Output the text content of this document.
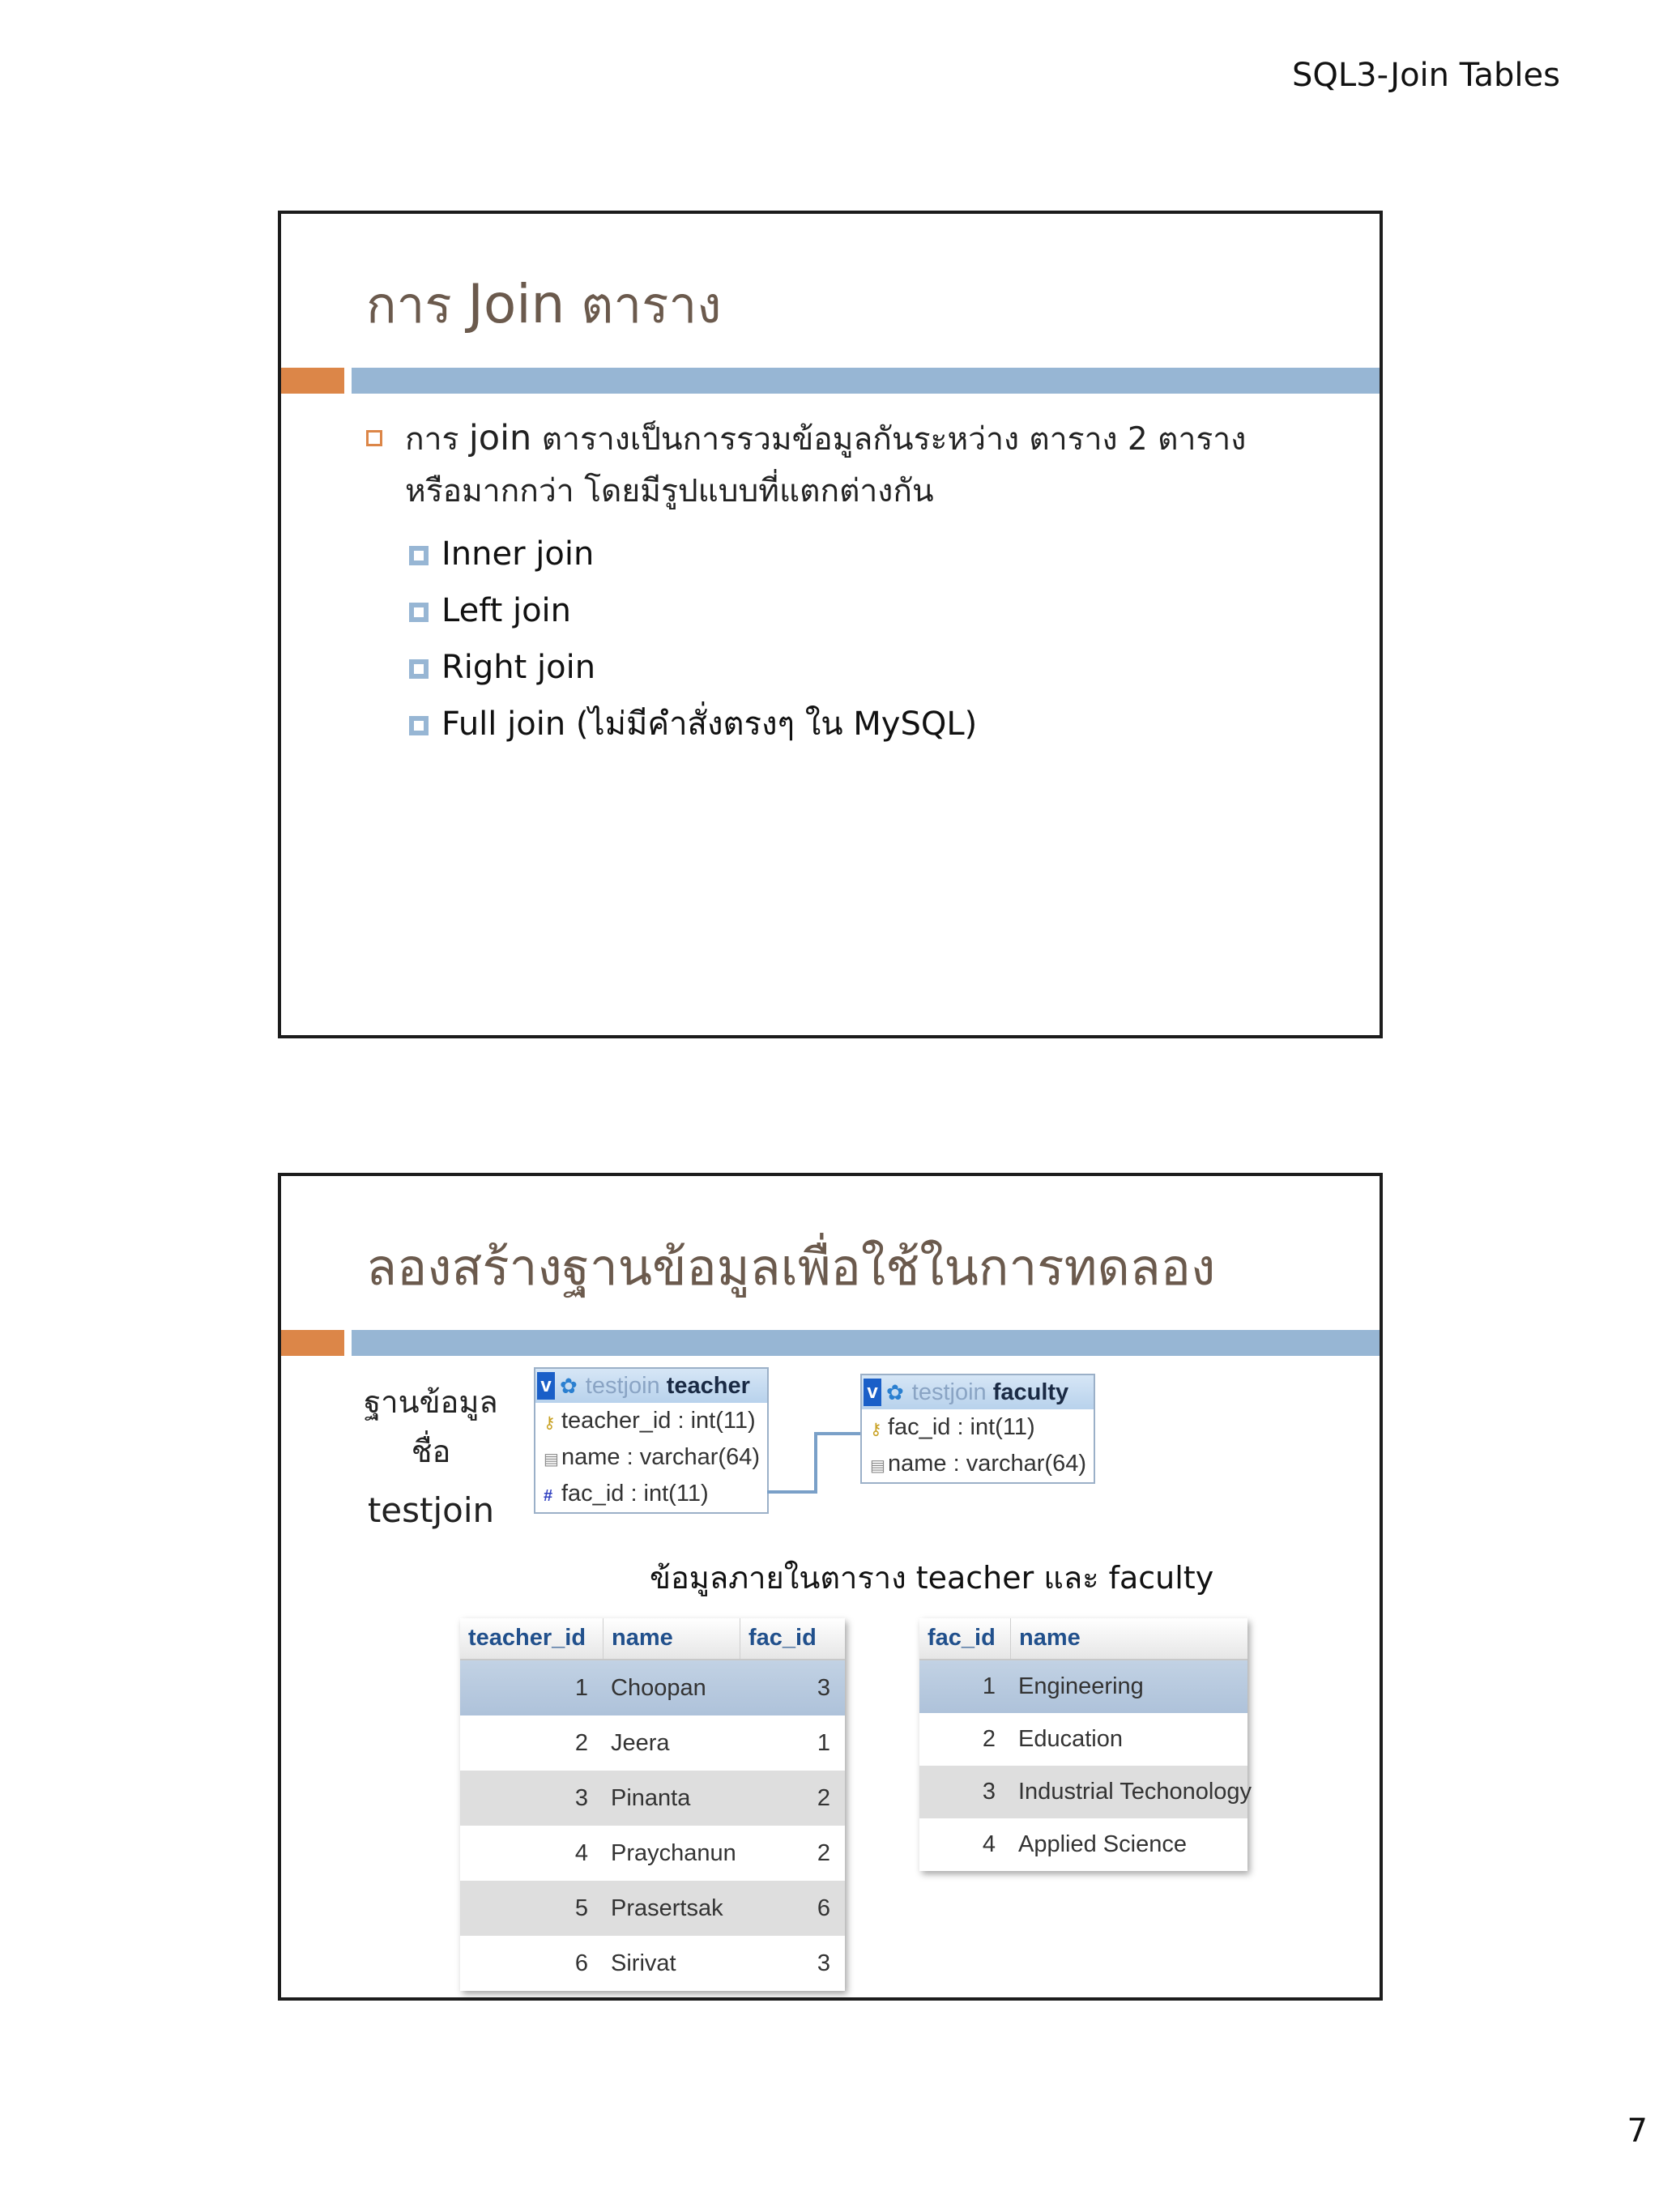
SQL3-Join Tables
การ Join ตาราง
การ join ตารางเป็นการรวมข้อมูลกันระหว่าง ตาราง 2 ตารางหรือมากกว่า โดยมีรูปแบบที่แตกต่างกัน
Inner join
Left join
Right join
Full join (ไม่มีคำสั่งตรงๆ ใน MySQL)
ลองสร้างฐานข้อมูลเพื่อใช้ในการทดลอง
ฐานข้อมูลชื่อ
testjoin
v ✿ testjoin teacher
⚷ teacher_id : int(11)
▤ name : varchar(64)
# fac_id : int(11)
v ✿ testjoin faculty
⚷ fac_id : int(11)
▤ name : varchar(64)
ข้อมูลภายในตาราง teacher และ faculty
teacher_id	name	fac_id
1 Choopan	3
2 Jeera	1
3 Pinanta	2
4 Praychanun	2
5 Prasertsak	6
6 Sirivat	3
fac_id	name
1 Engineering
2 Education
3 Industrial Techonology
4 Applied Science
7
